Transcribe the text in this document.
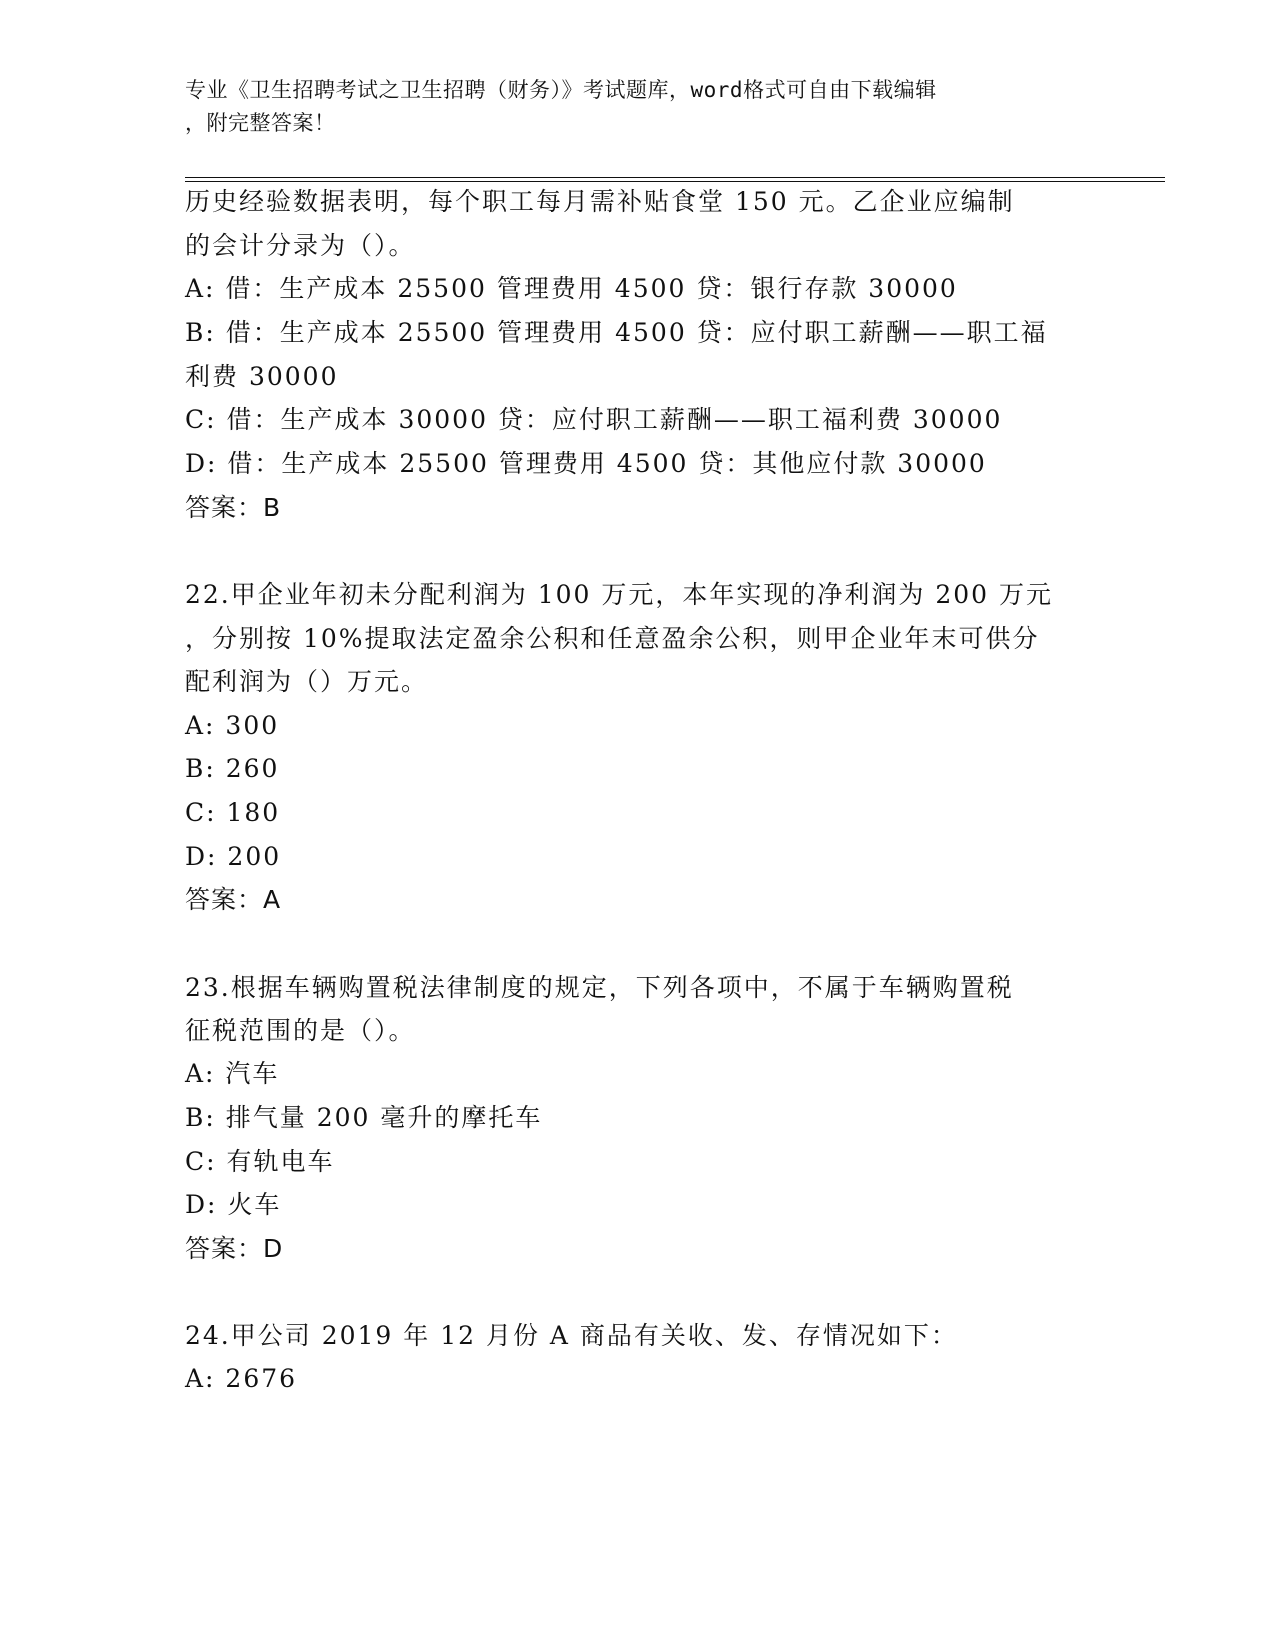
专业《卫生招聘考试之卫生招聘（财务）》考试题库，word格式可自由下载编辑
，附完整答案！
历史经验数据表明，每个职工每月需补贴食堂 150 元。乙企业应编制
的会计分录为（）。
A: 借：生产成本 25500 管理费用 4500 贷：银行存款 30000
B: 借：生产成本 25500 管理费用 4500 贷：应付职工薪酬——职工福
利费 30000
C: 借：生产成本 30000 贷：应付职工薪酬——职工福利费 30000
D: 借：生产成本 25500 管理费用 4500 贷：其他应付款 30000
答案：B
22.甲企业年初未分配利润为 100 万元，本年实现的净利润为 200 万元
，分别按 10%提取法定盈余公积和任意盈余公积，则甲企业年末可供分
配利润为（）万元。
A: 300
B: 260
C: 180
D: 200
答案：A
23.根据车辆购置税法律制度的规定，下列各项中，不属于车辆购置税
征税范围的是（）。
A: 汽车
B: 排气量 200 毫升的摩托车
C: 有轨电车
D: 火车
答案：D
24.甲公司 2019 年 12 月份 A 商品有关收、发、存情况如下：
A: 2676
